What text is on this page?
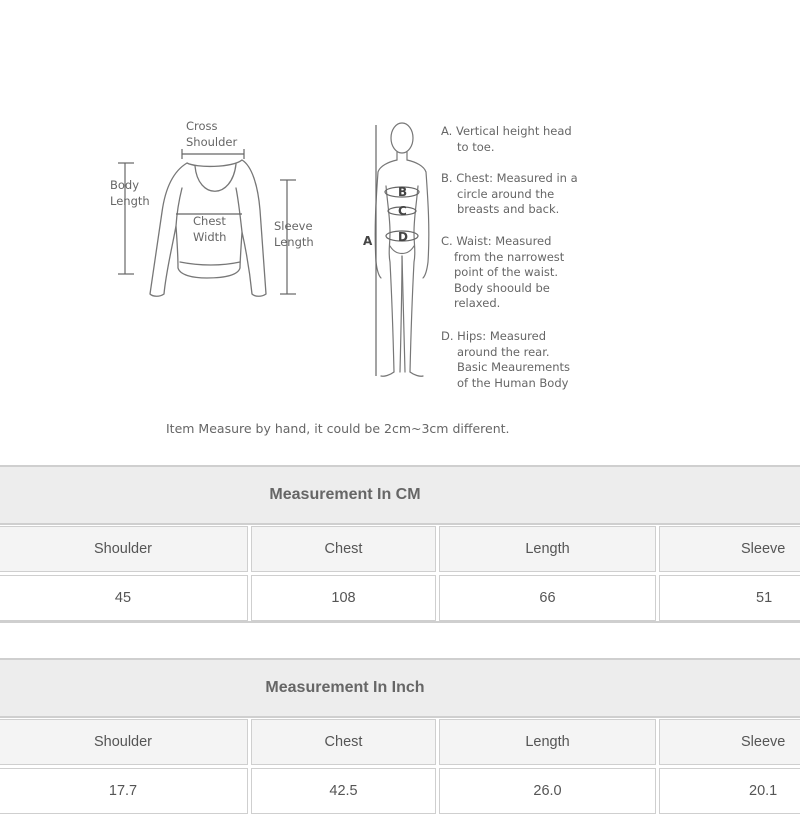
Cross
Shoulder
Body
Length
Chest
Width
Sleeve
Length	A
B
C
D
A. Vertical height head
to toe.
B. Chest: Measured in a
circle around the
breasts and back.
C. Waist: Measured
from the narrowest
point of the waist.
Body shoould be
relaxed.
D. Hips: Measured
around the rear.
Basic Meaurements
of the Human Body
Item Measure by hand, it could be 2cm~3cm different.
Measurement In CM
Shoulder	Chest	Length	Sleeve
45	108	66	51
Measurement In Inch
Shoulder	Chest	Length	Sleeve
17.7	42.5	26.0	20.1
